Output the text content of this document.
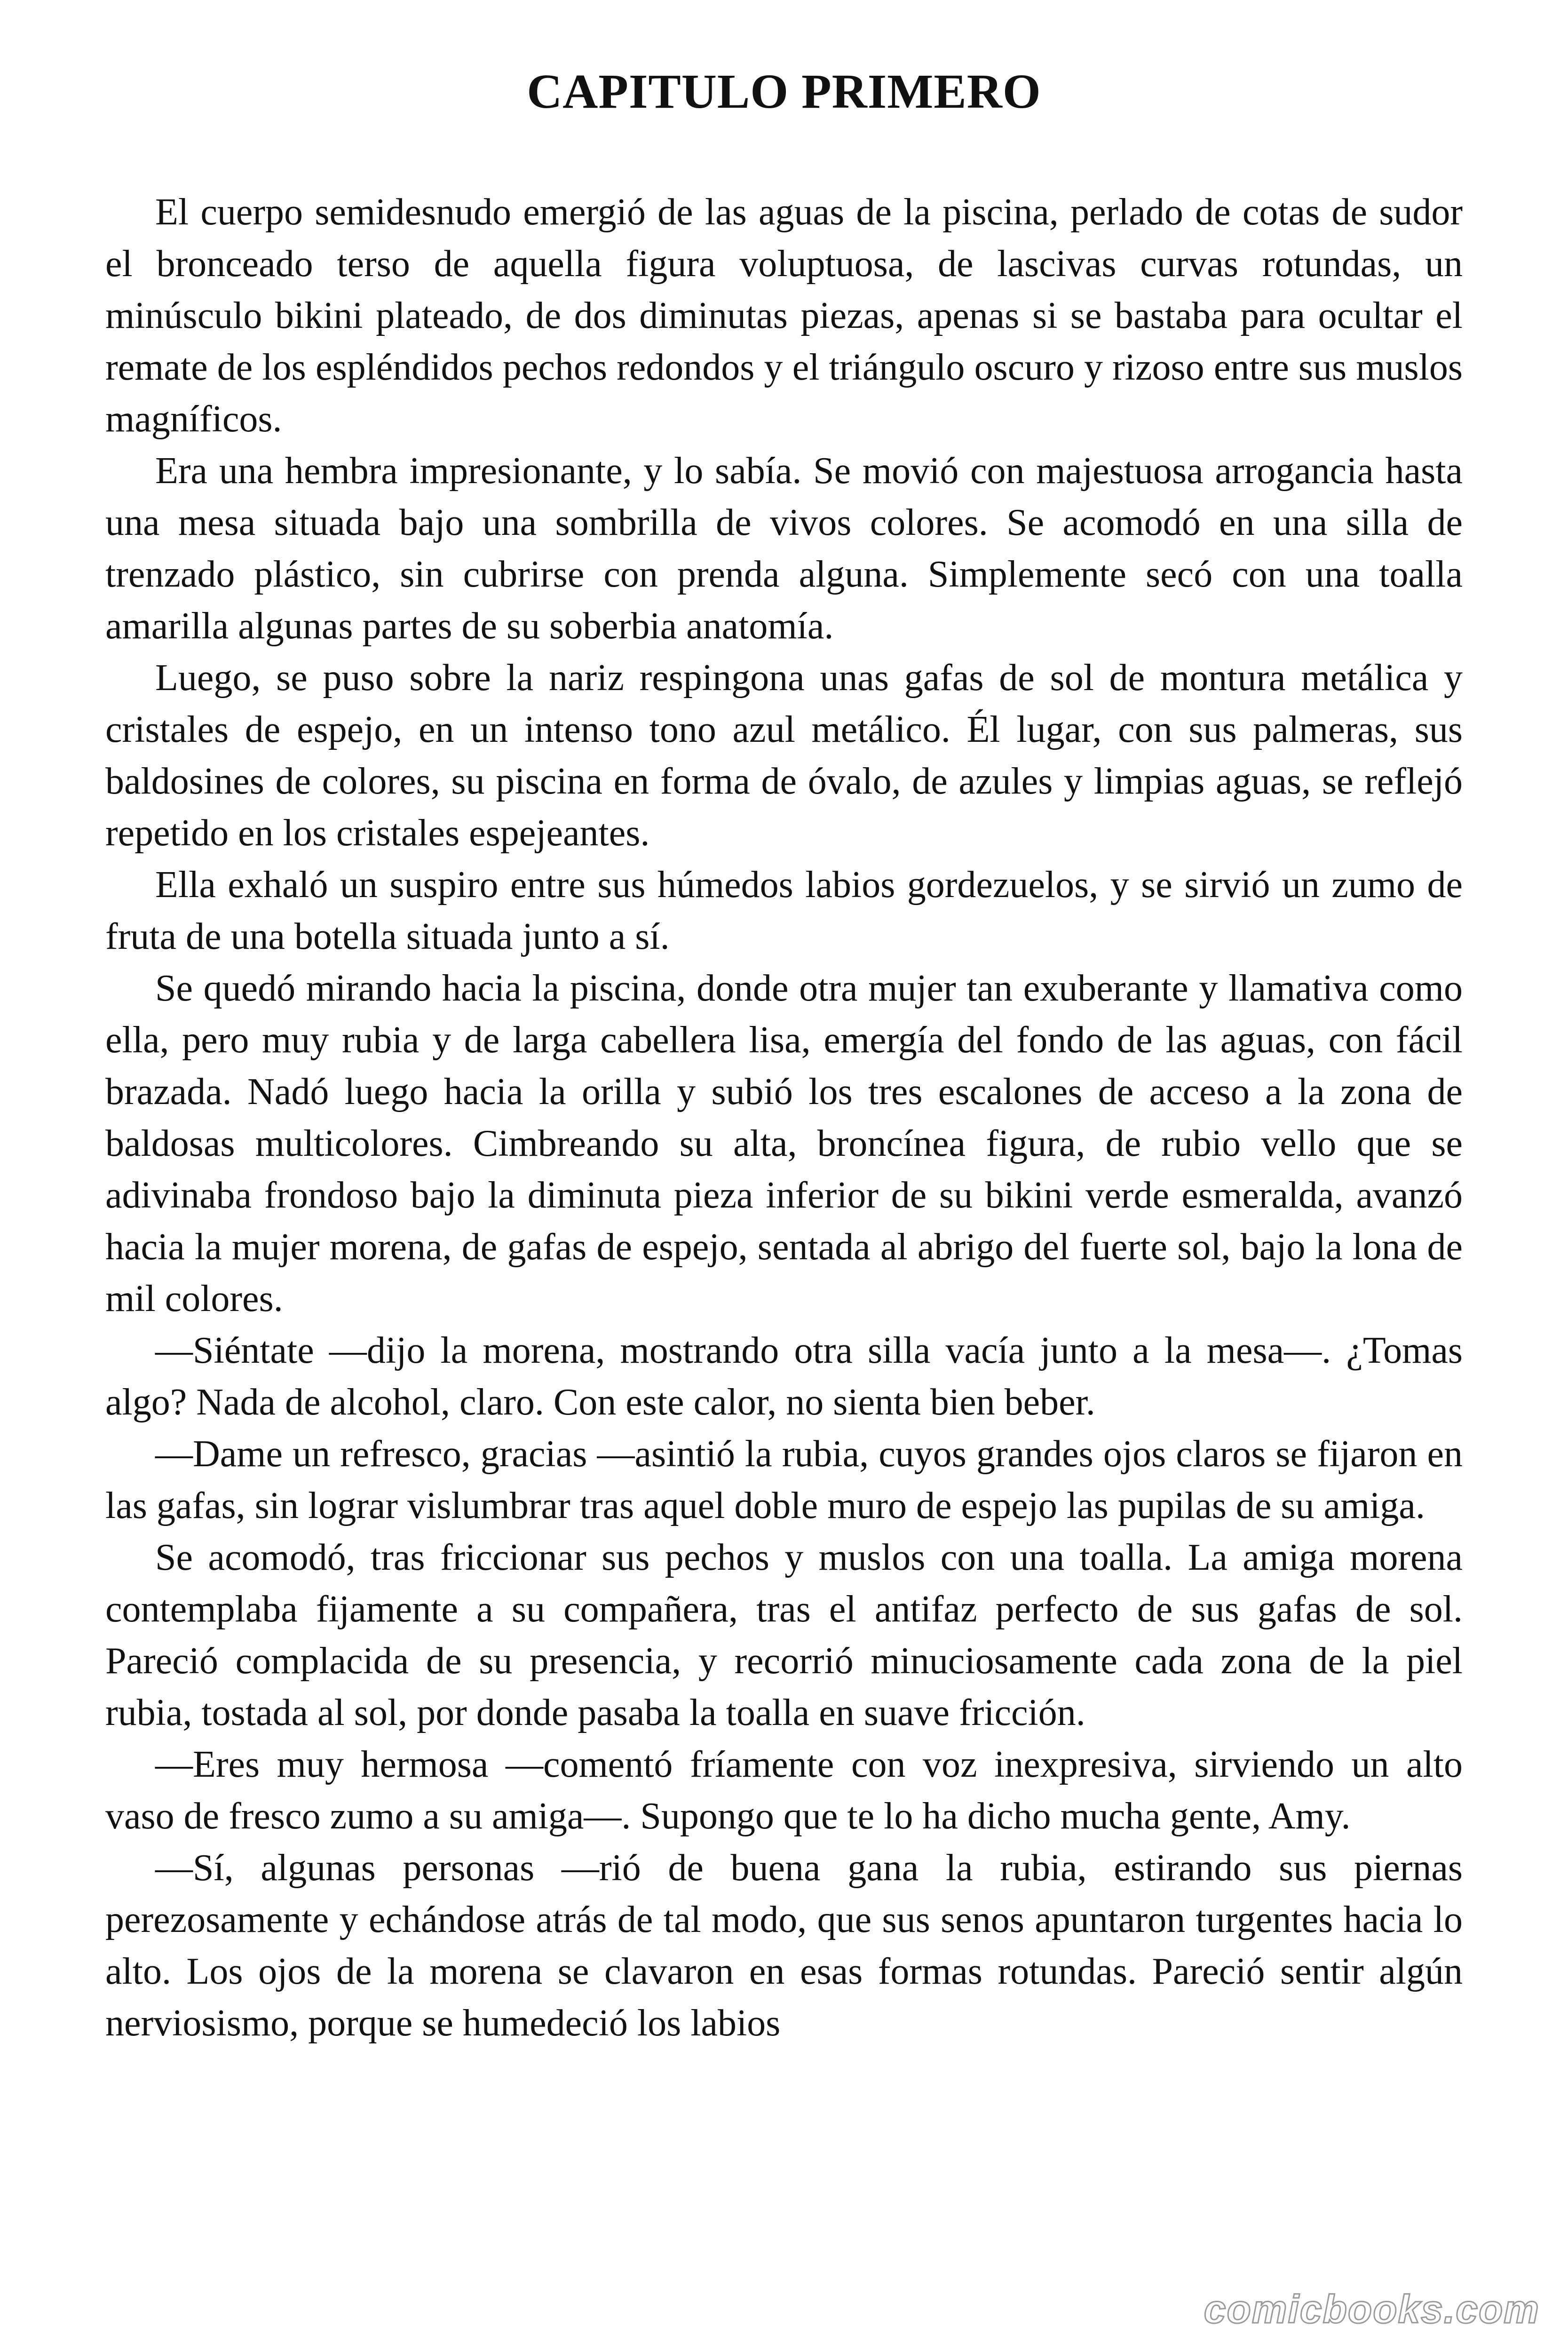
CAPITULO PRIMERO

El cuerpo semidesnudo emergió de las aguas de la piscina, perlado de cotas de sudor el bronceado terso de aquella figura voluptuosa, de lascivas curvas rotundas, un minúsculo bikini plateado, de dos diminutas piezas, apenas si se bastaba para ocultar el remate de los espléndidos pechos redondos y el triángulo oscuro y rizoso entre sus muslos magníficos.

Era una hembra impresionante, y lo sabía. Se movió con majestuosa arrogancia hasta una mesa situada bajo una sombrilla de vivos colores. Se acomodó en una silla de trenzado plástico, sin cubrirse con prenda alguna. Simplemente secó con una toalla amarilla algunas partes de su soberbia anatomía.

Luego, se puso sobre la nariz respingona unas gafas de sol de montura metálica y cristales de espejo, en un intenso tono azul metálico. Él lugar, con sus palmeras, sus baldosines de colores, su piscina en forma de óvalo, de azules y limpias aguas, se reflejó repetido en los cristales espejeantes.

Ella exhaló un suspiro entre sus húmedos labios gordezuelos, y se sirvió un zumo de fruta de una botella situada junto a sí.

Se quedó mirando hacia la piscina, donde otra mujer tan exuberante y llamativa como ella, pero muy rubia y de larga cabellera lisa, emergía del fondo de las aguas, con fácil brazada. Nadó luego hacia la orilla y subió los tres escalones de acceso a la zona de baldosas multicolores. Cimbreando su alta, broncínea figura, de rubio vello que se adivinaba frondoso bajo la diminuta pieza inferior de su bikini verde esmeralda, avanzó hacia la mujer morena, de gafas de espejo, sentada al abrigo del fuerte sol, bajo la lona de mil colores.

—Siéntate —dijo la morena, mostrando otra silla vacía junto a la mesa—. ¿Tomas algo? Nada de alcohol, claro. Con este calor, no sienta bien beber.

—Dame un refresco, gracias —asintió la rubia, cuyos grandes ojos claros se fijaron en las gafas, sin lograr vislumbrar tras aquel doble muro de espejo las pupilas de su amiga.

Se acomodó, tras friccionar sus pechos y muslos con una toalla. La amiga morena contemplaba fijamente a su compañera, tras el antifaz perfecto de sus gafas de sol. Pareció complacida de su presencia, y recorrió minuciosamente cada zona de la piel rubia, tostada al sol, por donde pasaba la toalla en suave fricción.

—Eres muy hermosa —comentó fríamente con voz inexpresiva, sirviendo un alto vaso de fresco zumo a su amiga—. Supongo que te lo ha dicho mucha gente, Amy.

—Sí, algunas personas —rió de buena gana la rubia, estirando sus piernas perezosamente y echándose atrás de tal modo, que sus senos apuntaron turgentes hacia lo alto. Los ojos de la morena se clavaron en esas formas rotundas. Pareció sentir algún nerviosismo, porque se humedeció los labios

comicbooks.com
